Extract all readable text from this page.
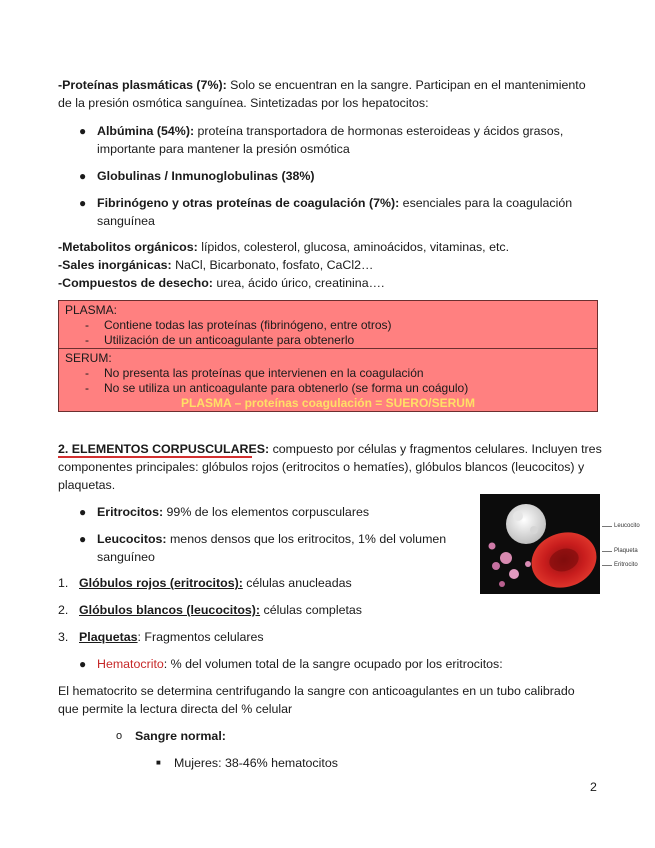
-Proteínas plasmáticas (7%): Solo se encuentran en la sangre. Participan en el mantenimiento
de la presión osmótica sanguínea. Sintetizadas por los hepatocitos:
● Albúmina (54%): proteína transportadora de hormonas esteroideas y ácidos grasos,
importante para mantener la presión osmótica
● Globulinas / Inmunoglobulinas (38%)
● Fibrinógeno y otras proteínas de coagulación (7%): esenciales para la coagulación
sanguínea
-Metabolitos orgánicos: lípidos, colesterol, glucosa, aminoácidos, vitaminas, etc.
-Sales inorgánicas: NaCl, Bicarbonato, fosfato, CaCl2…
-Compuestos de desecho: urea, ácido úrico, creatinina….
PLASMA:
- Contiene todas las proteínas (fibrinógeno, entre otros)
- Utilización de un anticoagulante para obtenerlo
SERUM:
- No presenta las proteínas que intervienen en la coagulación
- No se utiliza un anticoagulante para obtenerlo (se forma un coágulo)
PLASMA – proteínas coagulación = SUERO/SERUM
2. ELEMENTOS CORPUSCULARES: compuesto por células y fragmentos celulares. Incluyen tres
componentes principales: glóbulos rojos (eritrocitos o hematíes), glóbulos blancos (leucocitos) y
plaquetas.
● Eritrocitos: 99% de los elementos corpusculares
● Leucocitos: menos densos que los eritrocitos, 1% del volumen
sanguíneo
Leucocito
Plaqueta
Eritrocito
1. Glóbulos rojos (eritrocitos): células anucleadas
2. Glóbulos blancos (leucocitos): células completas
3. Plaquetas: Fragmentos celulares
● Hematocrito: % del volumen total de la sangre ocupado por los eritrocitos:
El hematocrito se determina centrifugando la sangre con anticoagulantes en un tubo calibrado
que permite la lectura directa del % celular
o Sangre normal:
■ Mujeres: 38-46% hematocitos
2
